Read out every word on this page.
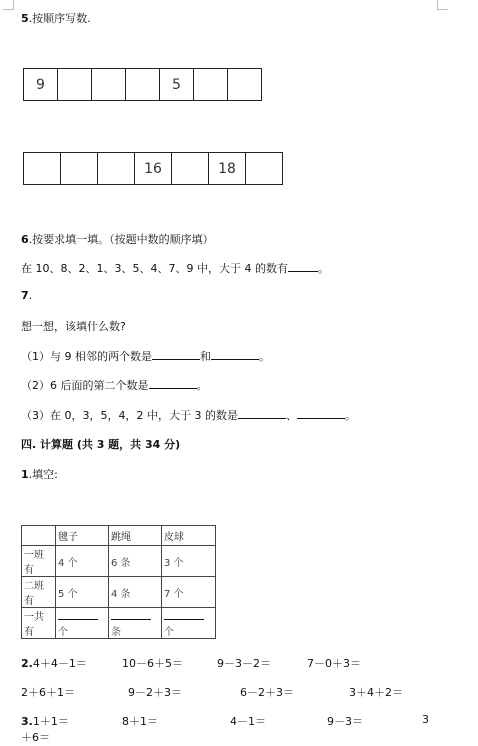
5.按顺序写数.
9	5
16	18
6.按要求填一填。（按题中数的顺序填）
在 10、8、2、1、3、5、4、7、9 中，大于 4 的数有	。
7.
想一想，该填什么数?
（1）与 9 相邻的两个数是	和	。
（2）6 后面的第二个数是	。
（3）在 0，3，5，4，2 中，大于 3 的数是	、	。
四. 计算题 (共 3 题，共 34 分)
1.填空:
	毽子	跳绳	皮球
一班有	4 个	6 条	3 个
二班有	5 个	4 条	7 个
一共有	个	条	个
2.4＋4－1＝	10－6＋5＝	9－3－2＝	7－0＋3＝
2＋6＋1＝	9－2＋3＝	6－2＋3＝	3＋4＋2＝
3.1＋1＝	8＋1＝	4－1＝	9－3＝	3
＋6＝
